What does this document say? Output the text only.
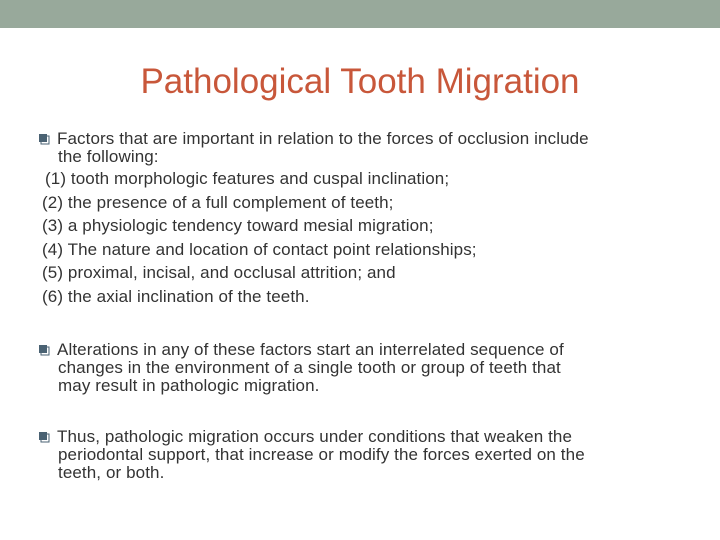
Pathological Tooth Migration
Factors that are important in relation to the forces of occlusion include
the following:
(1) tooth morphologic features and cuspal inclination;
(2) the presence of a full complement of teeth;
(3) a physiologic tendency toward mesial migration;
(4) The nature and location of contact point relationships;
(5) proximal, incisal, and occlusal attrition; and
(6) the axial inclination of the teeth.
Alterations in any of these factors start an interrelated sequence of
changes in the environment of a single tooth or group of teeth that
may result in pathologic migration.
Thus, pathologic migration occurs under conditions that weaken the
periodontal support, that increase or modify the forces exerted on the
teeth, or both.
